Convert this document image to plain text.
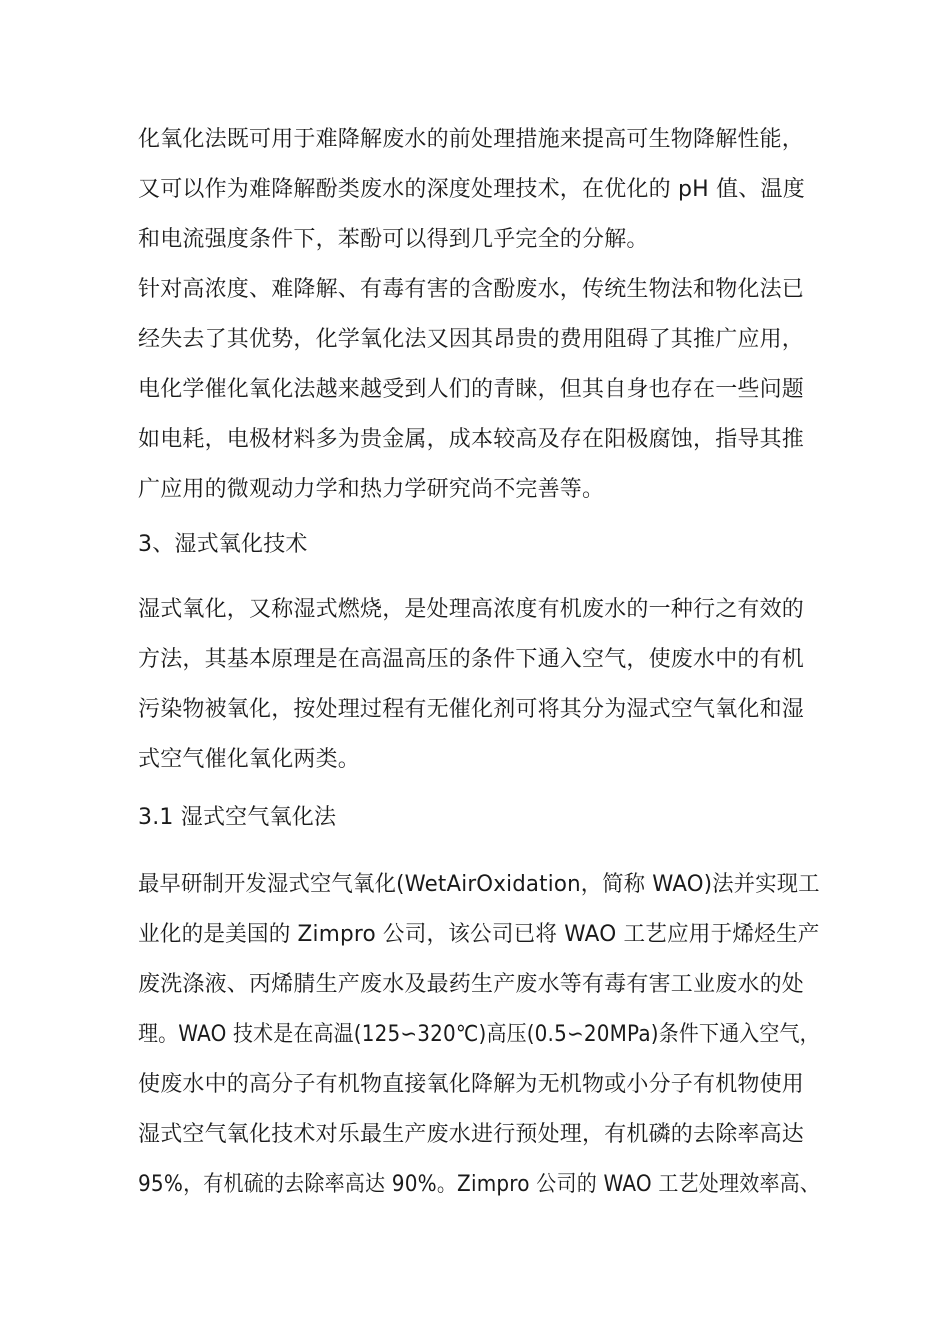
化氧化法既可用于难降解废水的前处理措施来提高可生物降解性能，
又可以作为难降解酚类废水的深度处理技术，在优化的 pH 值、温度
和电流强度条件下，苯酚可以得到几乎完全的分解。
针对高浓度、难降解、有毒有害的含酚废水，传统生物法和物化法已
经失去了其优势，化学氧化法又因其昂贵的费用阻碍了其推广应用，
电化学催化氧化法越来越受到人们的青睐，但其自身也存在一些问题
如电耗，电极材料多为贵金属，成本较高及存在阳极腐蚀，指导其推
广应用的微观动力学和热力学研究尚不完善等。
3、湿式氧化技术
湿式氧化，又称湿式燃烧，是处理高浓度有机废水的一种行之有效的
方法，其基本原理是在高温高压的条件下通入空气，使废水中的有机
污染物被氧化，按处理过程有无催化剂可将其分为湿式空气氧化和湿
式空气催化氧化两类。
3.1 湿式空气氧化法
最早研制开发湿式空气氧化(WetAirOxidation，简称 WAO)法并实现工
业化的是美国的 Zimpro 公司，该公司已将 WAO 工艺应用于烯烃生产
废洗涤液、丙烯腈生产废水及最药生产废水等有毒有害工业废水的处
理。WAO 技术是在高温(125∽320℃)高压(0.5∽20MPa)条件下通入空气，
使废水中的高分子有机物直接氧化降解为无机物或小分子有机物使用
湿式空气氧化技术对乐最生产废水进行预处理，有机磷的去除率高达
95%，有机硫的去除率高达 90%。Zimpro 公司的 WAO 工艺处理效率高、
